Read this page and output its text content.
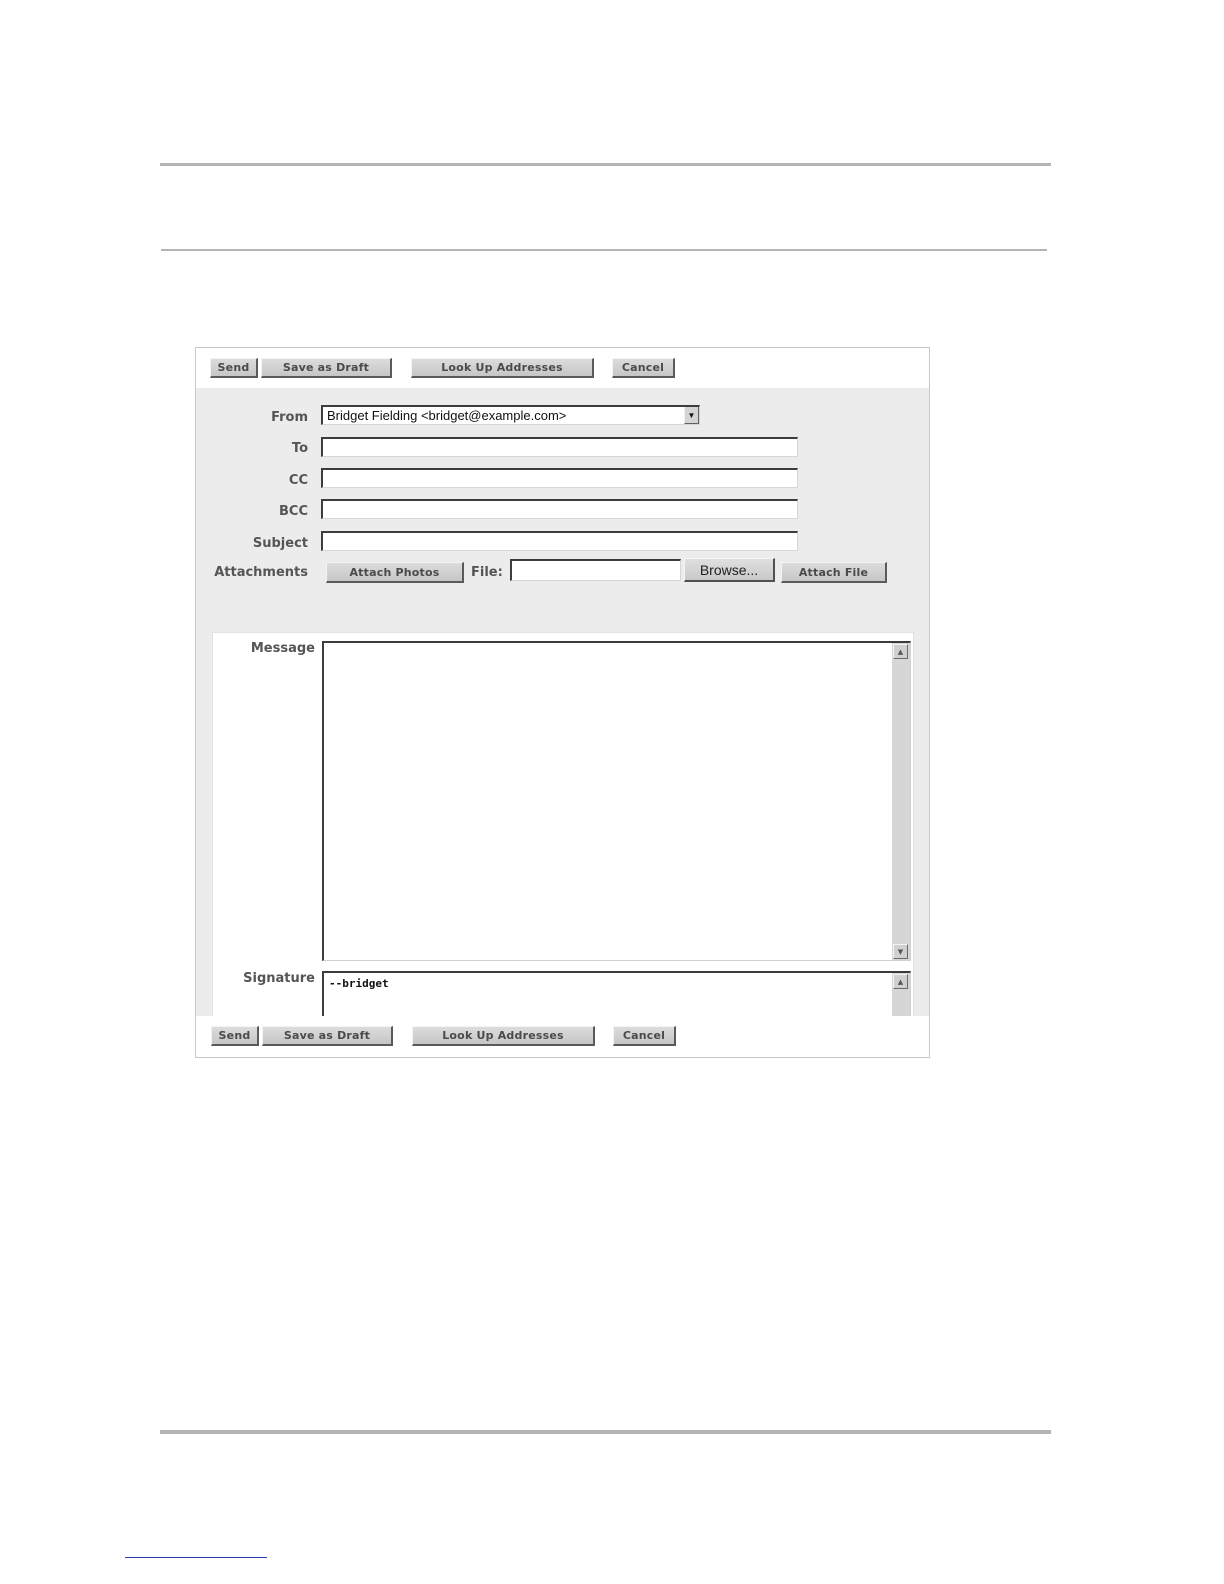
Send	Save as Draft	Look Up Addresses	Cancel
From	Bridget Fielding <bridget@example.com>	▼
To
CC
BCC
Subject
Attachments	Attach Photos	File:	Browse...	Attach File
Message	▲
▼
Signature --bridget	▲
Send	Save as Draft	Look Up Addresses	Cancel
